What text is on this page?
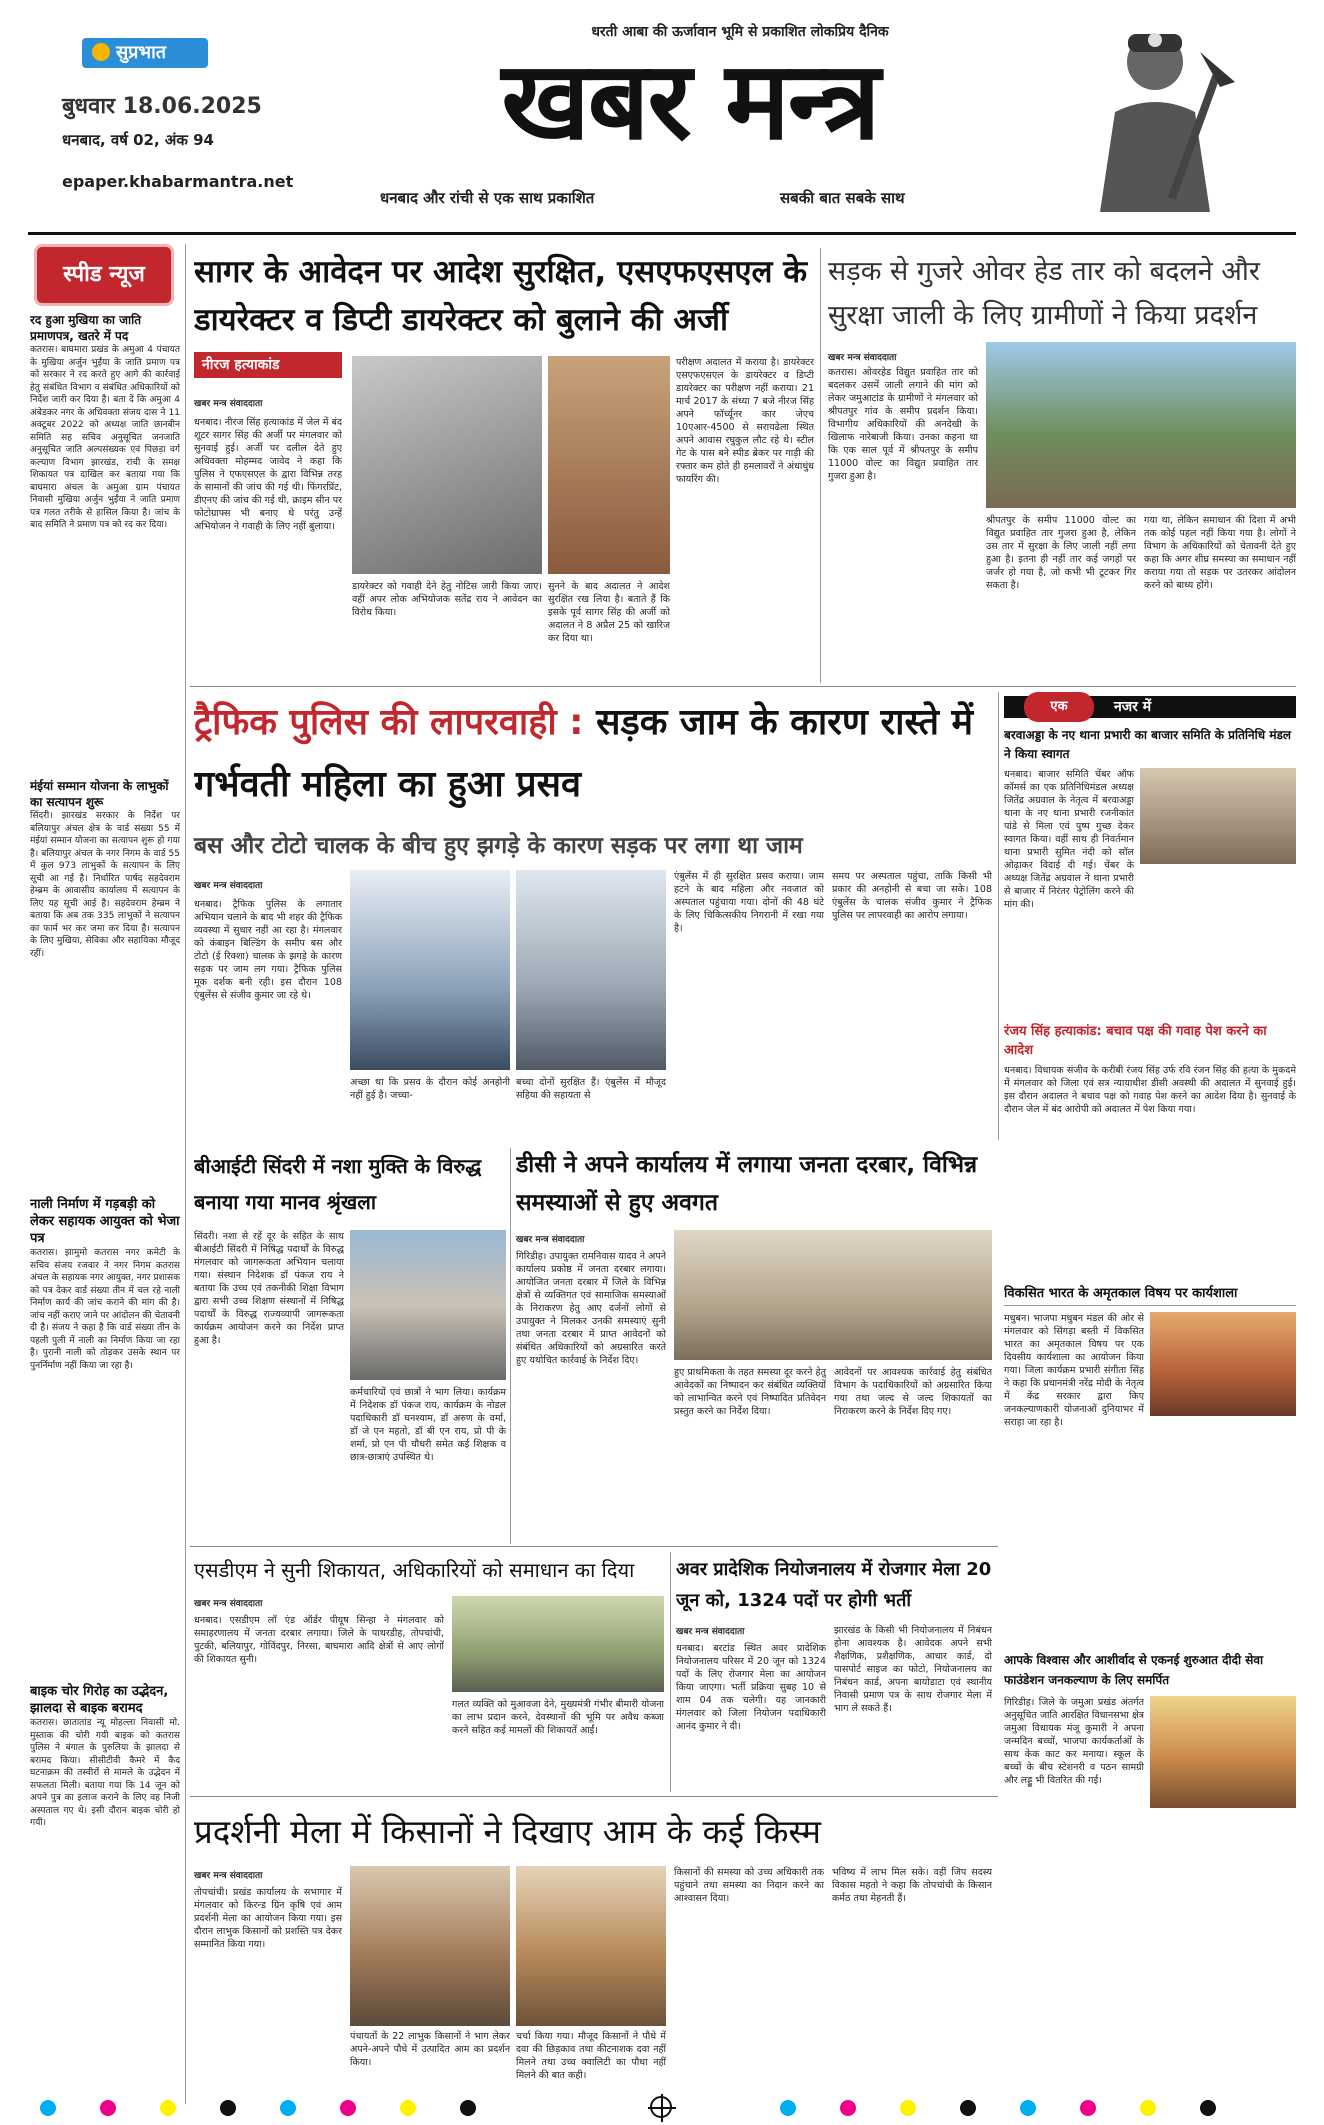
सुप्रभात
बुधवार 18.06.2025
धनबाद, वर्ष 02, अंक 94
epaper.khabarmantra.net
धरती आबा की ऊर्जावान भूमि से प्रकाशित लोकप्रिय दैनिक
खबर मन्त्र
धनबाद और रांची से एक साथ प्रकाशित	सबकी बात सबके साथ
स्पीड न्यूज
रद हुआ मुखिया का जाति प्रमाणपत्र, खतरे में पद
कतरास। बाघमारा प्रखंड के अमुआ 4 पंचायत के मुखिया अर्जुन भुईंया के जाति प्रमाण पत्र को सरकार ने रद करते हुए आगे की कार्रवाई हेतु संबंधित विभाग व संबंधित अधिकारियों को निर्देश जारी कर दिया है। बता दें कि अमुआ 4 अंबेडकर नगर के अधिवक्ता संजय दास ने 11 अक्टूबर 2022 को अध्यक्ष जाति छानबीन समिति सह सचिव अनुसूचित जनजाति अनुसूचित जाति अल्पसंख्यक एवं पिछड़ा वर्ग कल्याण विभाग झारखंड, रांची के समक्ष शिकायत पत्र दाखिल कर बताया गया कि बाघमारा अंचल के अमुआ ग्राम पंचायत निवासी मुखिया अर्जुन भुईंया ने जाति प्रमाण पत्र गलत तरीके से हासिल किया है। जांच के बाद समिति ने प्रमाण पत्र को रद कर दिया।
मंईयां सम्मान योजना के लाभुकों का सत्यापन शुरू
सिंदरी। झारखंड सरकार के निर्देश पर बलियापुर अंचल क्षेत्र के वार्ड संख्या 55 में मंईयां सम्मान योजना का सत्यापन शुरू हो गया है। बलियापुर अंचल के नगर निगम के वार्ड 55 में कुल 973 लाभुकों के सत्यापन के लिए सूची आ गई है। निर्धारित पार्षद सहदेवराम हेम्ब्रम के आवासीय कार्यालय में सत्यापन के लिए यह सूची आई है। सहदेवराम हेम्ब्रम ने बताया कि अब तक 335 लाभुकों ने सत्यापन का फार्म भर कर जमा कर दिया है। सत्यापन के लिए मुखिया, सेविका और सहायिका मौजूद रहीं।
नाली निर्माण में गड़बड़ी को लेकर सहायक आयुक्त को भेजा पत्र
कतरास। झामुमो कतरास नगर कमेटी के सचिव संजय रजवार ने नगर निगम कतरास अंचल के सहायक नगर आयुक्त, नगर प्रशासक को पत्र देकर वार्ड संख्या तीन में चल रहे नाली निर्माण कार्य की जांच कराने की मांग की है। जांच नहीं कराए जाने पर आंदोलन की चेतावनी दी है। संजय ने कहा है कि वार्ड संख्या तीन के पहली पुली में नाली का निर्माण किया जा रहा है। पुरानी नाली को तोड़कर उसके स्थान पर पुनर्निर्माण नहीं किया जा रहा है।
बाइक चोर गिरोह का उद्भेदन, झालदा से बाइक बरामद
कतरास। छातातांड न्यू मोहल्ला निवासी मो. मुस्ताक की चोरी गयी बाइक को कतरास पुलिस ने बंगाल के पुरुलिया के झालदा से बरामद किया। सीसीटीवी कैमरे में कैद घटनाक्रम की तस्वीरों से मामले के उद्भेदन में सफलता मिली। बताया गया कि 14 जून को अपने पुत्र का इलाज कराने के लिए वह निजी अस्पताल गए थे। इसी दौरान बाइक चोरी हो गयी।
सागर के आवेदन पर आदेश सुरक्षित, एसएफएसएल के डायरेक्टर व डिप्टी डायरेक्टर को बुलाने की अर्जी
नीरज हत्याकांड
खबर मन्त्र संवाददाता
धनबाद। नीरज सिंह हत्याकांड में जेल में बंद शूटर सागर सिंह की अर्जी पर मंगलवार को सुनवाई हुई। अर्जी पर दलील देते हुए अधिवक्ता मोहम्मद जावेद ने कहा कि पुलिस ने एफएसएल के द्वारा विभिन्न तरह के सामानों की जांच की गई थी। फिंगरप्रिंट, डीएनए की जांच की गई थी, क्राइम सीन पर फोटोग्राफ्स भी बनाए थे परंतु उन्हें अभियोजन ने गवाही के लिए नहीं बुलाया।
डायरेक्टर को गवाही देने हेतु नोटिस जारी किया जाए। वहीं अपर लोक अभियोजक सतेंद्र राय ने आवेदन का विरोध किया।
सुनने के बाद अदालत ने आदेश सुरक्षित रख लिया है। बताते हैं कि इसके पूर्व सागर सिंह की अर्जी को अदालत ने 8 अप्रैल 25 को खारिज कर दिया था।
परीक्षण अदालत में कराया है। डायरेक्टर एसएफएसएल के डायरेक्टर व डिप्टी डायरेक्टर का परीक्षण नहीं कराया। 21 मार्च 2017 के संध्या 7 बजे नीरज सिंह अपने फॉर्च्यूनर कार जेएच 10एआर-4500 से सरायढेला स्थित अपने आवास रघुकुल लौट रहे थे। स्टील गेट के पास बने स्पीड ब्रेकर पर गाड़ी की रफ्तार कम होते ही हमलावरों ने अंधाधुंध फायरिंग की।
सड़क से गुजरे ओवर हेड तार को बदलने और सुरक्षा जाली के लिए ग्रामीणों ने किया प्रदर्शन
खबर मन्त्र संवाददाता
कतरास। ओवरहेड विद्युत प्रवाहित तार को बदलकर उसमें जाली लगाने की मांग को लेकर जमुआटांड के ग्रामीणों ने मंगलवार को श्रीपतपुर गांव के समीप प्रदर्शन किया। विभागीय अधिकारियों की अनदेखी के खिलाफ नारेबाजी किया। उनका कहना था कि एक साल पूर्व में श्रीपतपुर के समीप 11000 वोल्ट का विद्युत प्रवाहित तार गुजरा हुआ है।
श्रीपतपुर के समीप 11000 वोल्ट का विद्युत प्रवाहित तार गुजरा हुआ है, लेकिन उस तार में सुरक्षा के लिए जाली नहीं लगा हुआ है। इतना ही नहीं तार कई जगहों पर जर्जर हो गया है, जो कभी भी टूटकर गिर सकता है।
गया था, लेकिन समाधान की दिशा में अभी तक कोई पहल नहीं किया गया है। लोगों ने विभाग के अधिकारियों को चेतावनी देते हुए कहा कि अगर शीघ्र समस्या का समाधान नहीं कराया गया तो सड़क पर उतरकर आंदोलन करने को बाध्य होंगे।
ट्रैफिक पुलिस की लापरवाही : सड़क जाम के कारण रास्ते में गर्भवती महिला का हुआ प्रसव
बस और टोटो चालक के बीच हुए झगड़े के कारण सड़क पर लगा था जाम
खबर मन्त्र संवाददाता
धनबाद। ट्रैफिक पुलिस के लगातार अभियान चलाने के बाद भी शहर की ट्रैफिक व्यवस्था में सुधार नहीं आ रहा है। मंगलवार को कंबाइन बिल्डिंग के समीप बस और टोटो (ई रिक्शा) चालक के झगड़े के कारण सड़क पर जाम लग गया। ट्रैफिक पुलिस मूक दर्शक बनी रही। इस दौरान 108 एंबुलेंस से संजीव कुमार जा रहे थे।
अच्छा था कि प्रसव के दौरान कोई अनहोनी नहीं हुई है। जच्चा-
बच्चा दोनों सुरक्षित हैं। एंबुलेंस में मौजूद सहिया की सहायता से
एंबुलेंस में ही सुरक्षित प्रसव कराया। जाम हटने के बाद महिला और नवजात को अस्पताल पहुंचाया गया। दोनों की 48 घंटे के लिए चिकित्सकीय निगरानी में रखा गया है।
समय पर अस्पताल पहुंचा, ताकि किसी भी प्रकार की अनहोनी से बचा जा सके। 108 एंबुलेंस के चालक संजीव कुमार ने ट्रैफिक पुलिस पर लापरवाही का आरोप लगाया।
बीआईटी सिंदरी में नशा मुक्ति के विरुद्ध बनाया गया मानव श्रृंखला
सिंदरी। नशा से रहें दूर के सहित के साथ बीआईटी सिंदरी में निषिद्ध पदार्थों के विरुद्ध मंगलवार को जागरूकता अभियान चलाया गया। संस्थान निदेशक डॉ पंकज राय ने बताया कि उच्च एवं तकनीकी शिक्षा विभाग द्वारा सभी उच्च शिक्षण संस्थानों में निषिद्ध पदार्थों के विरुद्ध राज्यव्यापी जागरूकता कार्यक्रम आयोजन करने का निर्देश प्राप्त हुआ है।
कर्मचारियों एवं छात्रों ने भाग लिया। कार्यक्रम में निदेशक डॉ पंकज राय, कार्यक्रम के नोडल पदाधिकारी डॉ घनश्याम, डॉ अरुण के वर्मा, डॉ जे एन महतो, डॉ बी एन राय, प्रो पी के शर्मा, प्रो एन पी चौधरी समेत कई शिक्षक व छात्र-छात्राएं उपस्थित थे।
डीसी ने अपने कार्यालय में लगाया जनता दरबार, विभिन्न समस्याओं से हुए अवगत
खबर मन्त्र संवाददाता
गिरिडीह। उपायुक्त रामनिवास यादव ने अपने कार्यालय प्रकोष्ठ में जनता दरबार लगाया। आयोजित जनता दरबार में जिले के विभिन्न क्षेत्रों से व्यक्तिगत एवं सामाजिक समस्याओं के निराकरण हेतु आए दर्जनों लोगों से उपायुक्त ने मिलकर उनकी समस्याएं सुनी तथा जनता दरबार में प्राप्त आवेदनों को संबंधित अधिकारियों को अग्रसारित करते हुए यथोचित कार्रवाई के निर्देश दिए।
हुए प्राथमिकता के तहत समस्या दूर करने हेतु आवेदकों का निष्पादन कर संबंधित व्यक्तियों को लाभान्वित करने एवं निष्पादित प्रतिवेदन प्रस्तुत करने का निर्देश दिया।
आवेदनों पर आवश्यक कार्रवाई हेतु संबंधित विभाग के पदाधिकारियों को अग्रसारित किया गया तथा जल्द से जल्द शिकायतों का निराकरण करने के निर्देश दिए गए।
एसडीएम ने सुनी शिकायत, अधिकारियों को समाधान का दिया
खबर मन्त्र संवाददाता
धनबाद। एसडीएम लॉ एंड ऑर्डर पीयूष सिन्हा ने मंगलवार को समाहरणालय में जनता दरबार लगाया। जिले के पाथरडीह, तोपचांची, पुटकी, बलियापुर, गोविंदपुर, निरसा, बाघमारा आदि क्षेत्रों से आए लोगों की शिकायत सुनी।
गलत व्यक्ति को मुआवजा देने, मुख्यमंत्री गंभीर बीमारी योजना का लाभ प्रदान करने, देवस्थानों की भूमि पर अवैध कब्जा करने सहित कई मामलों की शिकायतें आईं।
अवर प्रादेशिक नियोजनालय में रोजगार मेला 20 जून को, 1324 पदों पर होगी भर्ती
खबर मन्त्र संवाददाता
धनबाद। बरटांड स्थित अवर प्रादेशिक नियोजनालय परिसर में 20 जून को 1324 पदों के लिए रोजगार मेला का आयोजन किया जाएगा। भर्ती प्रक्रिया सुबह 10 से शाम 04 तक चलेगी। यह जानकारी मंगलवार को जिला नियोजन पदाधिकारी आनंद कुमार ने दी।
झारखंड के किसी भी नियोजनालय में निबंधन होना आवश्यक है। आवेदक अपने सभी शैक्षणिक, प्रशैक्षणिक, आधार कार्ड, दो पासपोर्ट साइज का फोटो, नियोजनालय का निबंधन कार्ड, अपना बायोडाटा एवं स्थानीय निवासी प्रमाण पत्र के साथ रोजगार मेला में भाग ले सकते हैं।
प्रदर्शनी मेला में किसानों ने दिखाए आम के कई किस्म
खबर मन्त्र संवाददाता
तोपचांची। प्रखंड कार्यालय के सभागार में मंगलवार को किरन्ड ग्रिन कृषि एवं आम प्रदर्शनी मेला का आयोजन किया गया। इस दौरान लाभुक किसानों को प्रशस्ति पत्र देकर सम्मानित किया गया।
पंचायतों के 22 लाभुक किसानों ने भाग लेकर अपने-अपने पौधे में उत्पादित आम का प्रदर्शन किया।
चर्चा किया गया। मौजूद किसानों ने पौधे में दवा की छिड़काव तथा कीटनाशक दवा नहीं मिलने तथा उच्च क्वालिटी का पौधा नहीं मिलने की बात कही।
किसानों की समस्या को उच्च अधिकारी तक पहुंचाने तथा समस्या का निदान करने का आश्वासन दिया।
भविष्य में लाभ मिल सके। वहीं जिप सदस्य विकास महतो ने कहा कि तोपचांची के किसान कर्मठ तथा मेहनती हैं।
एक	नजर में
बरवाअड्डा के नए थाना प्रभारी का बाजार समिति के प्रतिनिधि मंडल ने किया स्वागत
धनबाद। बाजार समिति चेंबर ऑफ कॉमर्स का एक प्रतिनिधिमंडल अध्यक्ष जितेंद्र अग्रवाल के नेतृत्व में बरवाअड्डा थाना के नए थाना प्रभारी रजनीकांत पांडे से मिला एवं पुष्प गुच्छ देकर स्वागत किया। वहीं साथ ही निवर्तमान थाना प्रभारी सुमित नंदी को सॉल ओढ़ाकर विदाई दी गई। चेंबर के अध्यक्ष जितेंद्र अग्रवाल ने थाना प्रभारी से बाजार में निरंतर पेट्रोलिंग करने की मांग की।
रंजय सिंह हत्याकांड: बचाव पक्ष की गवाह पेश करने का आदेश
धनबाद। विधायक संजीव के करीबी रंजय सिंह उर्फ रवि रंजन सिंह की हत्या के मुकदमे में मंगलवार को जिला एवं सत्र न्यायाधीश डीसी अवस्थी की अदालत में सुनवाई हुई। इस दौरान अदालत ने बचाव पक्ष को गवाह पेश करने का आदेश दिया है। सुनवाई के दौरान जेल में बंद आरोपी को अदालत में पेश किया गया।
विकसित भारत के अमृतकाल विषय पर कार्यशाला
मधुबन। भाजपा मधुबन मंडल की ओर से मंगलवार को सिंगड़ा बस्ती में विकसित भारत का अमृतकाल विषय पर एक दिवसीय कार्यशाला का आयोजन किया गया। जिला कार्यक्रम प्रभारी संगीता सिंह ने कहा कि प्रधानमंत्री नरेंद्र मोदी के नेतृत्व में केंद्र सरकार द्वारा किए जनकल्याणकारी योजनाओं दुनियाभर में सराहा जा रहा है।
आपके विश्वास और आशीर्वाद से एकनई शुरुआत दीदी सेवा फाउंडेशन जनकल्याण के लिए समर्पित
गिरिडीह। जिले के जमुआ प्रखंड अंतर्गत अनुसूचित जाति आरक्षित विधानसभा क्षेत्र जमुआ विधायक मंजू कुमारी ने अपना जन्मदिन बच्चों, भाजपा कार्यकर्ताओं के साथ केक काट कर मनाया। स्कूल के बच्चों के बीच स्टेशनरी व पठन सामग्री और लड्डू भी वितरित की गई।
